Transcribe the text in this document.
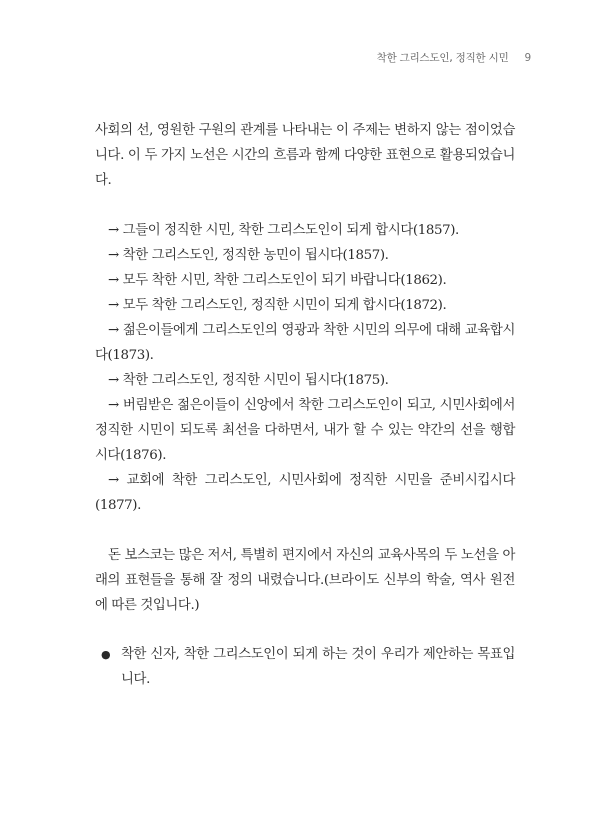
착한 그리스도인, 정직한 시민 9

사회의 선, 영원한 구원의 관계를 나타내는 이 주제는 변하지 않는 점이었습니다. 이 두 가지 노선은 시간의 흐름과 함께 다양한 표현으로 활용되었습니다.

→ 그들이 정직한 시민, 착한 그리스도인이 되게 합시다(1857).

→ 착한 그리스도인, 정직한 농민이 됩시다(1857).

→ 모두 착한 시민, 착한 그리스도인이 되기 바랍니다(1862).

→ 모두 착한 그리스도인, 정직한 시민이 되게 합시다(1872).

→ 젊은이들에게 그리스도인의 영광과 착한 시민의 의무에 대해 교육합시다(1873).

→ 착한 그리스도인, 정직한 시민이 됩시다(1875).

→ 버림받은 젊은이들이 신앙에서 착한 그리스도인이 되고, 시민사회에서 정직한 시민이 되도록 최선을 다하면서, 내가 할 수 있는 약간의 선을 행합시다(1876).

→ 교회에 착한 그리스도인, 시민사회에 정직한 시민을 준비시킵시다(1877).

돈 보스코는 많은 저서, 특별히 편지에서 자신의 교육사목의 두 노선을 아래의 표현들을 통해 잘 정의 내렸습니다.(브라이도 신부의 학술, 역사 원전에 따른 것입니다.)

● 착한 신자, 착한 그리스도인이 되게 하는 것이 우리가 제안하는 목표입니다.
